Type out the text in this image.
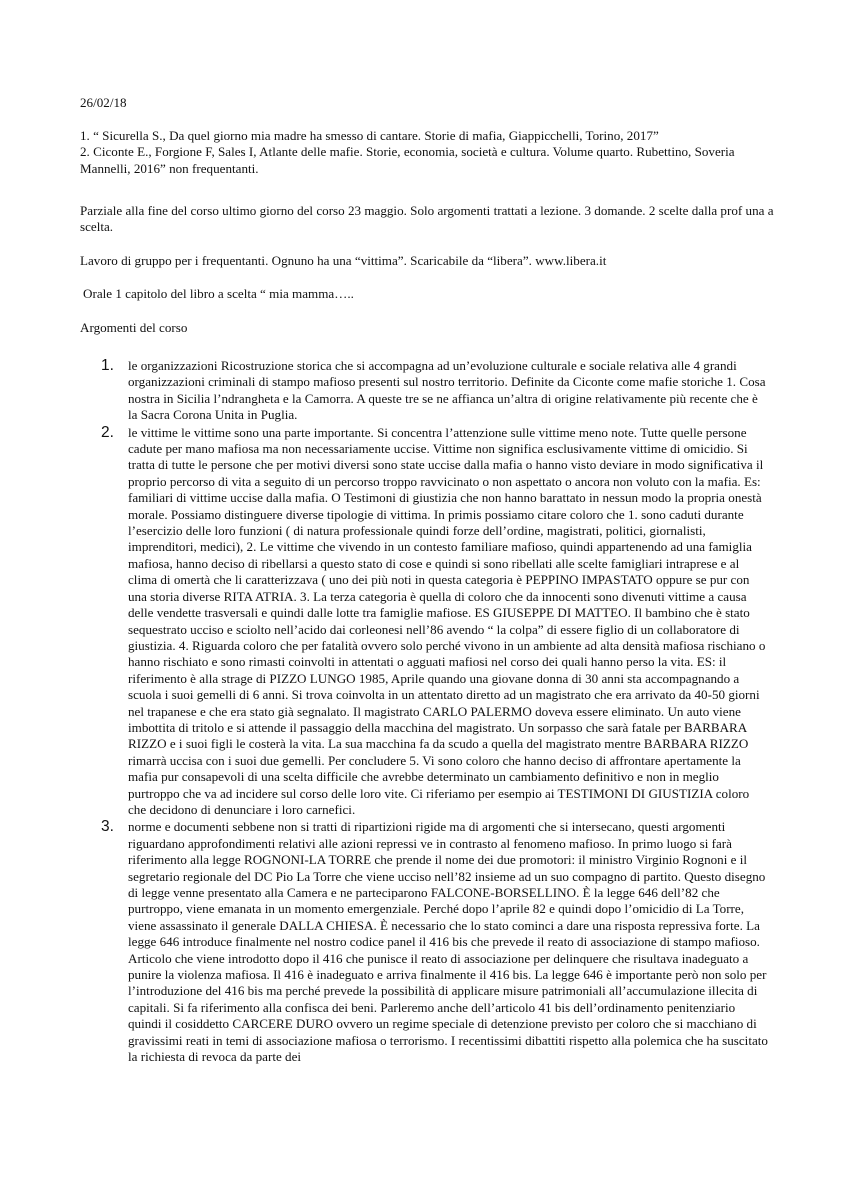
26/02/18

1. “ Sicurella S., Da quel giorno mia madre ha smesso di cantare. Storie di mafia, Giappicchelli, Torino, 2017”
2. Ciconte E., Forgione F, Sales I, Atlante delle mafie. Storie, economia, società e cultura. Volume quarto. Rubettino, Soveria Mannelli, 2016” non frequentanti.

Parziale alla fine del corso ultimo giorno del corso 23 maggio. Solo argomenti trattati a lezione. 3 domande. 2 scelte dalla prof una a scelta.

Lavoro di gruppo per i frequentanti. Ognuno ha una “vittima”. Scaricabile da “libera”. www.libera.it

Orale 1 capitolo del libro a scelta “ mia mamma…..

Argomenti del corso

1. le organizzazioni Ricostruzione storica che si accompagna ad un’evoluzione culturale e sociale relativa alle 4 grandi organizzazioni criminali di stampo mafioso presenti sul nostro territorio. Definite da Ciconte come mafie storiche 1. Cosa nostra in Sicilia l’ndrangheta e la Camorra. A queste tre se ne affianca un’altra di origine relativamente più recente che è la Sacra Corona Unita in Puglia.
2. le vittime le vittime sono una parte importante. Si concentra l’attenzione sulle vittime meno note. Tutte quelle persone cadute per mano mafiosa ma non necessariamente uccise. Vittime non significa esclusivamente vittime di omicidio. Si tratta di tutte le persone che per motivi diversi sono state uccise dalla mafia o hanno visto deviare in modo significativa il proprio percorso di vita a seguito di un percorso troppo ravvicinato o non aspettato o ancora non voluto con la mafia. Es: familiari di vittime uccise dalla mafia. O Testimoni di giustizia che non hanno barattato in nessun modo la propria onestà morale. Possiamo distinguere diverse tipologie di vittima. In primis possiamo citare coloro che 1. sono caduti durante l’esercizio delle loro funzioni ( di natura professionale quindi forze dell’ordine, magistrati, politici, giornalisti, imprenditori, medici), 2. Le vittime che vivendo in un contesto familiare mafioso, quindi appartenendo ad una famiglia mafiosa, hanno deciso di ribellarsi a questo stato di cose e quindi si sono ribellati alle scelte famigliari intraprese e al clima di omertà che li caratterizzava ( uno dei più noti in questa categoria è PEPPINO IMPASTATO oppure se pur con una storia diverse RITA ATRIA. 3. La terza categoria è quella di coloro che da innocenti sono divenuti vittime a causa delle vendette trasversali e quindi dalle lotte tra famiglie mafiose. ES GIUSEPPE DI MATTEO. Il bambino che è stato sequestrato ucciso e sciolto nell’acido dai corleonesi nell’86 avendo “ la colpa” di essere figlio di un collaboratore di giustizia. 4. Riguarda coloro che per fatalità ovvero solo perché vivono in un ambiente ad alta densità mafiosa rischiano o hanno rischiato e sono rimasti coinvolti in attentati o agguati mafiosi nel corso dei quali hanno perso la vita. ES: il riferimento è alla strage di PIZZO LUNGO 1985, Aprile quando una giovane donna di 30 anni sta accompagnando a scuola i suoi gemelli di 6 anni. Si trova coinvolta in un attentato diretto ad un magistrato che era arrivato da 40-50 giorni nel trapanese e che era stato già segnalato. Il magistrato CARLO PALERMO doveva essere eliminato. Un auto viene imbottita di tritolo e si attende il passaggio della macchina del magistrato. Un sorpasso che sarà fatale per BARBARA RIZZO e i suoi figli le costerà la vita. La sua macchina fa da scudo a quella del magistrato mentre BARBARA RIZZO rimarrà uccisa con i suoi due gemelli. Per concludere 5. Vi sono coloro che hanno deciso di affrontare apertamente la mafia pur consapevoli di una scelta difficile che avrebbe determinato un cambiamento definitivo e non in meglio purtroppo che va ad incidere sul corso delle loro vite. Ci riferiamo per esempio ai TESTIMONI DI GIUSTIZIA coloro che decidono di denunciare i loro carnefici.
3. norme e documenti sebbene non si tratti di ripartizioni rigide ma di argomenti che si intersecano, questi argomenti riguardano approfondimenti relativi alle azioni repressi ve in contrasto al fenomeno mafioso. In primo luogo si farà riferimento alla legge ROGNONI-LA TORRE che prende il nome dei due promotori: il ministro Virginio Rognoni e il segretario regionale del DC Pio La Torre che viene ucciso nell’82 insieme ad un suo compagno di partito. Questo disegno di legge venne presentato alla Camera e ne parteciparono FALCONE-BORSELLINO. È la legge 646 dell’82 che purtroppo, viene emanata in un momento emergenziale. Perché dopo l’aprile 82 e quindi dopo l’omicidio di La Torre, viene assassinato il generale DALLA CHIESA. È necessario che lo stato cominci a dare una risposta repressiva forte. La legge 646 introduce finalmente nel nostro codice panel il 416 bis che prevede il reato di associazione di stampo mafioso. Articolo che viene introdotto dopo il 416 che punisce il reato di associazione per delinquere che risultava inadeguato a punire la violenza mafiosa. Il 416 è inadeguato e arriva finalmente il 416 bis. La legge 646 è importante però non solo per l’introduzione del 416 bis ma perché prevede la possibilità di applicare misure patrimoniali all’accumulazione illecita di capitali. Si fa riferimento alla confisca dei beni. Parleremo anche dell’articolo 41 bis dell’ordinamento penitenziario quindi il cosiddetto CARCERE DURO ovvero un regime speciale di detenzione previsto per coloro che si macchiano di gravissimi reati in temi di associazione mafiosa o terrorismo. I recentissimi dibattiti rispetto alla polemica che ha suscitato la richiesta di revoca da parte dei
